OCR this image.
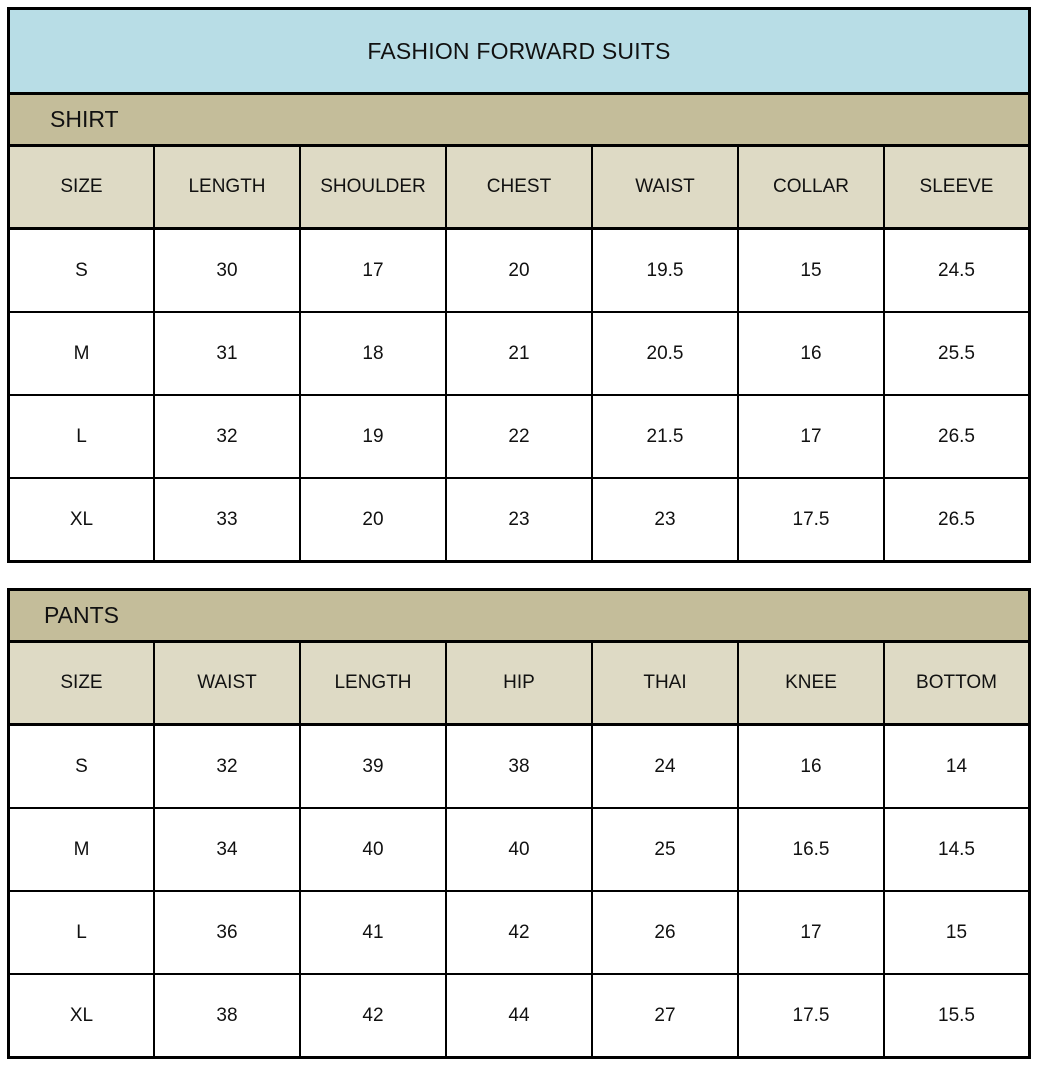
FASHION FORWARD SUITS
SHIRT
SIZE	LENGTH	SHOULDER	CHEST	WAIST	COLLAR	SLEEVE
S	30	17	20	19.5	15	24.5
M	31	18	21	20.5	16	25.5
L	32	19	22	21.5	17	26.5
XL	33	20	23	23	17.5	26.5
PANTS
SIZE	WAIST	LENGTH	HIP	THAI	KNEE	BOTTOM
S	32	39	38	24	16	14
M	34	40	40	25	16.5	14.5
L	36	41	42	26	17	15
XL	38	42	44	27	17.5	15.5
